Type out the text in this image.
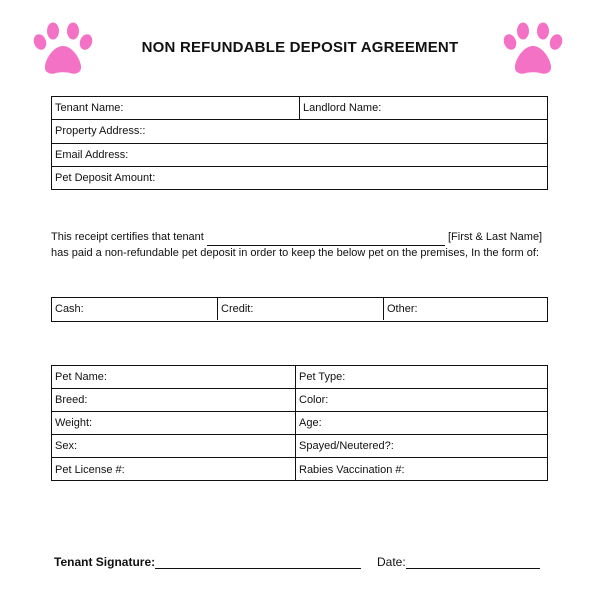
NON REFUNDABLE DEPOSIT AGREEMENT
Tenant Name:	Landlord Name:
Property Address::
Email Address:
Pet Deposit Amount:
This receipt certifies that tenant	[First & Last Name]
has paid a non-refundable pet deposit in order to keep the below pet on the premises, In the form of:
Cash:	Credit:	Other:
Pet Name:	Pet Type:
Breed:	Color:
Weight:	Age:
Sex:	Spayed/Neutered?:
Pet License #:	Rabies Vaccination #:
Tenant Signature:	Date:
